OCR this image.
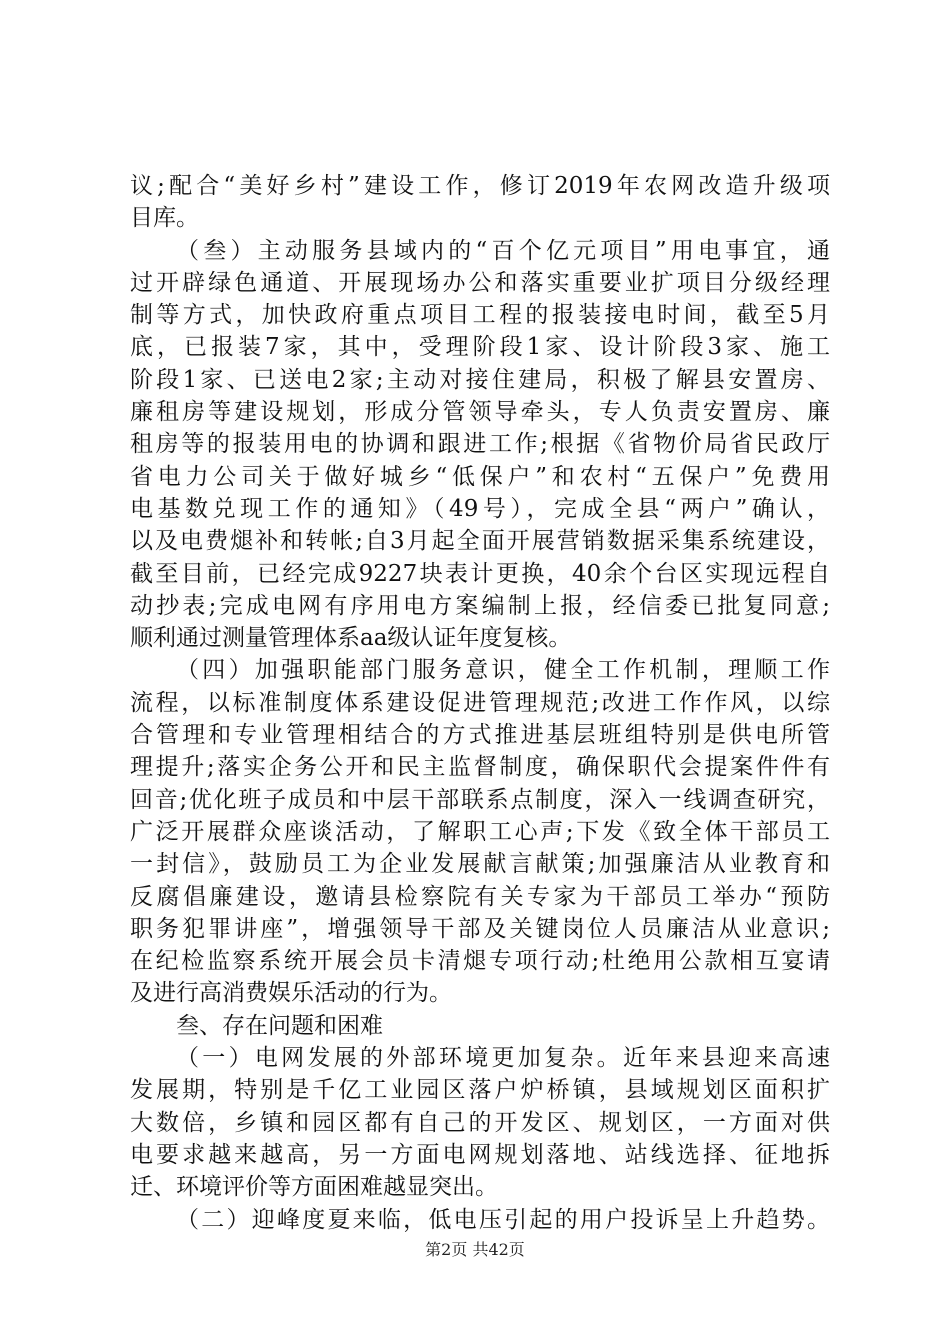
议;配合“美好乡村”建设工作，修订2019年农网改造升级项
目库。
（叁）主动服务县域内的“百个亿元项目”用电事宜，通
过开辟绿色通道、开展现场办公和落实重要业扩项目分级经理
制等方式，加快政府重点项目工程的报装接电时间，截至5月
底，已报装7家，其中，受理阶段1家、设计阶段3家、施工
阶段1家、已送电2家;主动对接住建局，积极了解县安置房、
廉租房等建设规划，形成分管领导牵头，专人负责安置房、廉
租房等的报装用电的协调和跟进工作;根据《省物价局省民政厅
省电力公司关于做好城乡“低保户”和农村“五保户”免费用
电基数兑现工作的通知》（49号），完成全县“两户”确认，
以及电费煺补和转帐;自3月起全面开展营销数据采集系统建设，
截至目前，已经完成9227块表计更换，40余个台区实现远程自
动抄表;完成电网有序用电方案编制上报，经信委已批复同意;
顺利通过测量管理体系aa级认证年度复核。
（四）加强职能部门服务意识，健全工作机制，理顺工作
流程，以标准制度体系建设促进管理规范;改进工作作风，以综
合管理和专业管理相结合的方式推进基层班组特别是供电所管
理提升;落实企务公开和民主监督制度，确保职代会提案件件有
回音;优化班子成员和中层干部联系点制度，深入一线调查研究，
广泛开展群众座谈活动，了解职工心声;下发《致全体干部员工
一封信》，鼓励员工为企业发展献言献策;加强廉洁从业教育和
反腐倡廉建设，邀请县检察院有关专家为干部员工举办“预防
职务犯罪讲座”，增强领导干部及关键岗位人员廉洁从业意识;
在纪检监察系统开展会员卡清煺专项行动;杜绝用公款相互宴请
及进行高消费娱乐活动的行为。
叁、存在问题和困难
（一）电网发展的外部环境更加复杂。近年来县迎来高速
发展期，特别是千亿工业园区落户炉桥镇，县域规划区面积扩
大数倍，乡镇和园区都有自己的开发区、规划区，一方面对供
电要求越来越高，另一方面电网规划落地、站线选择、征地拆
迁、环境评价等方面困难越显突出。
（二）迎峰度夏来临，低电压引起的用户投诉呈上升趋势。
第2页 共42页
